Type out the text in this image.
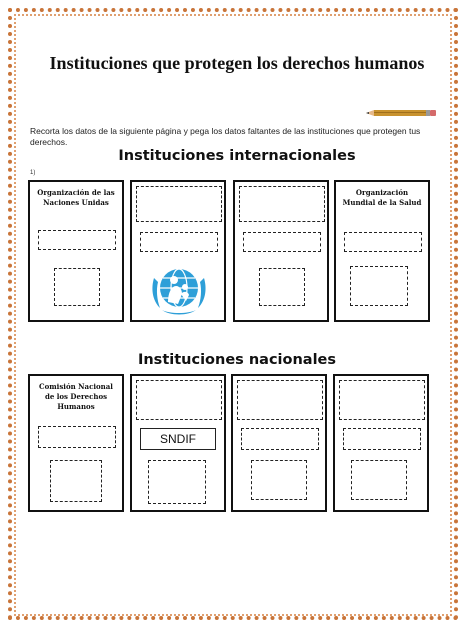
Instituciones que protegen los derechos humanos

Recorta los datos de la siguiente página y pega los datos faltantes de las instituciones que protegen tus derechos.

Instituciones internacionales
1)
Organización de las Naciones Unidas
Organización Mundial de la Salud
Instituciones nacionales
Comisión Nacional de los Derechos Humanos
SNDIF
